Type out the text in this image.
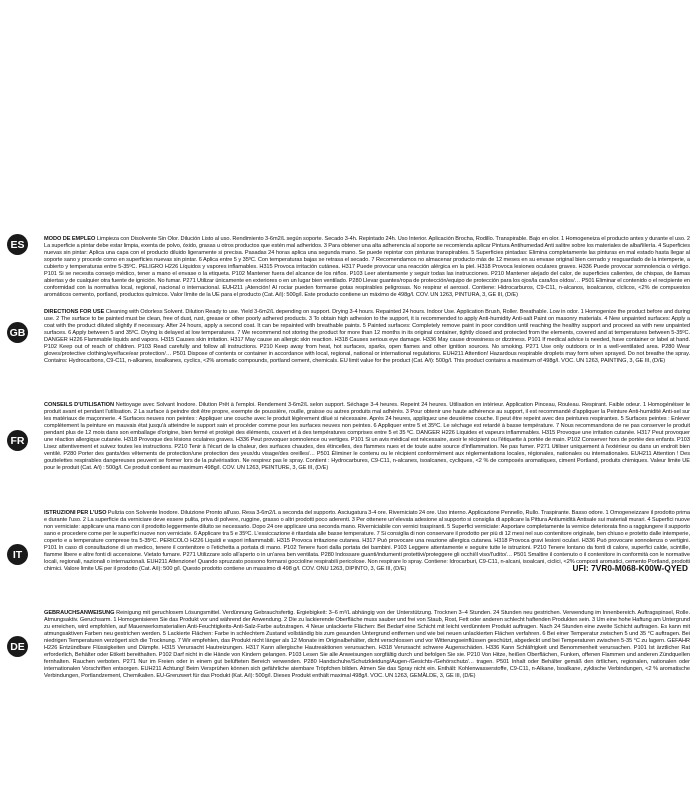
ES	MODO DE EMPLEO Limpieza con Disolvente Sin Olor. Dilución Listo al uso. Rendimiento 3-6m2/L según soporte. Secado 3-4h. Repintado 24h. Uso Interior. Aplicación Brocha, Rodillo. Transpirable. Bajo en olor. 1 Homogeneiza el producto antes y durante el uso. 2 La superficie a pintar debe estar limpia, exenta de polvo, óxido, grasas u otros productos que estén mal adheridos. 3 Para obtener una alta adherencia al soporte se recomienda aplicar Pintura Antihumedad Anti salitre sobre los materiales de albañilería. 4 Superficies nuevas sin pintar: Aplica una capa con el producto diluido ligeramente si precisa. Pasadas 24 horas aplica una segunda mano. Se puede repintar con pinturas transpirables. 5 Superficies pintadas: Elimina completamente las pinturas en mal estado hasta llegar al soporte sano y procede como en superficies nuevas sin pintar. 6 Aplica entre 5 y 35ºC. Con temperaturas bajas se retrasa el secado. 7 Recomendamos no almacenar producto más de 12 meses en su envase original bien cerrado y resguardado de la intemperie, a cubierto y temperaturas entre 5-35ºC. PELIGRO H226 Líquidos y vapores inflamables. H315 Provoca irritación cutánea. H317 Puede provocar una reacción alérgica en la piel. H318 Provoca lesiones oculares graves. H336 Puede provocar somnolencia o vértigo. P101 Si se necesita consejo médico, tener a mano el envase o la etiqueta. P102 Mantener fuera del alcance de los niños. P103 Leer atentamente y seguir todas las instrucciones. P210 Mantener alejado del calor, de superficies calientes, de chispas, de llamas abiertas y de cualquier otra fuente de ignición. No fumar. P271 Utilizar únicamente en exteriores o en un lugar bien ventilado. P280 Llevar guantes/ropa de protección/equipo de protección para los ojos/la cara/los oídos/… P501 Eliminar el contenido o el recipiente en conformidad con la normativa local, regional, nacional o internacional. EUH211 ¡Atención! Al rociar pueden formarse gotas respirables peligrosas. No respirar el aerosol. Contiene: Hidrocarburos, C9-C11, n-alcanos, isoalcanos, cíclicos, <2% de compuestos aromáticos cemento, portland, productos químicos. Valor límite de la UE para el producto (Cat. A/i): 500g/l. Este producto contiene un máximo de 498g/l. COV. UN 1263, PINTURA, 3, GE III, (D/E)
GB
DIRECTIONS FOR USE Cleaning with Odorless Solvent. Dilution Ready to use. Yield 3-6m2/L depending on support. Drying 3-4 hours. Repainted 24 hours. Indoor Use. Application Brush, Roller. Breathable. Low in odor. 1 Homogenize the product before and during use. 2 The surface to be painted must be clean, free of dust, rust, grease or other poorly adhered products. 3 To obtain high adhesion to the support, it is recommended to apply Anti-humidity Anti-salt Paint on masonry materials. 4 New unpainted surfaces: Apply a coat with the product diluted slightly if necessary. After 24 hours, apply a second coat. It can be repainted with breathable paints. 5 Painted surfaces: Completely remove paint in poor condition until reaching the healthy support and proceed as with new unpainted surfaces. 6 Apply between 5 and 35ºC. Drying is delayed at low temperatures. 7 We recommend not storing the product for more than 12 months in its original container, tightly closed and protected from the elements, covered and at temperatures between 5-35ºC. DANGER H226 Flammable liquids and vapors. H315 Causes skin irritation. H317 May cause an allergic skin reaction. H318 Causes serious eye damage. H336 May cause drowsiness or dizziness. P101 If medical advice is needed, have container or label at hand. P102 Keep out of reach of children. P103 Read carefully and follow all instructions. P210 Keep away from heat, hot surfaces, sparks, open flames and other ignition sources. No smoking. P271 Use only outdoors or in a well-ventilated area. P280 Wear gloves/protective clothing/eye/face/ear protection/… P501 Dispose of contents or container in accordance with local, regional, national or international regulations. EUH211 Attention! Hazardous respirable droplets may form when sprayed. Do not breathe the spray. Contains: Hydrocarbons, C9-C11, n-alkanes, isoalkanes, cyclics, <2% aromatic compounds, portland cement, chemicals. EU limit value for the product (Cat. A/i): 500g/l. This product contains a maximum of 498g/l. VOC. UN 1263, PAINTING, 3, GE III, (D/E)
FR
CONSEILS D'UTILISATION Nettoyage avec Solvant Inodore. Dilution Prêt à l'emploi. Rendement 3-6m2/L selon support. Séchage 3-4 heures. Repeint 24 heures. Utilisation en intérieur. Application Pinceau, Rouleau. Respirant. Faible odeur. 1 Homogénéiser le produit avant et pendant l'utilisation. 2 La surface à peindre doit être propre, exempte de poussière, rouille, graisse ou autres produits mal adhérés. 3 Pour obtenir une haute adhérence au support, il est recommandé d'appliquer la Peinture Anti-humidité Anti-sel sur les matériaux de maçonnerie. 4 Surfaces neuves non peintes : Appliquer une couche avec le produit légèrement dilué si nécessaire. Après 24 heures, appliquez une deuxième couche. Il peut être repeint avec des peintures respirantes. 5 Surfaces peintes : Enlever complètement la peinture en mauvais état jusqu'à atteindre le support sain et procéder comme pour les surfaces neuves non peintes. 6 Appliquer entre 5 et 35ºC. Le séchage est retardé à basse température. 7 Nous recommandons de ne pas conserver le produit pendant plus de 12 mois dans son emballage d'origine, bien fermé et protégé des éléments, couvert et à des températures comprises entre 5 et 35 ºC. DANGER H226 Liquides et vapeurs inflammables. H315 Provoque une irritation cutanée. H317 Peut provoquer une réaction allergique cutanée. H318 Provoque des lésions oculaires graves. H336 Peut provoquer somnolence ou vertiges. P101 Si un avis médical est nécessaire, avoir le récipient ou l'étiquette à portée de main. P102 Conserver hors de portée des enfants. P103 Lisez attentivement et suivez toutes les instructions. P210 Tenir à l'écart de la chaleur, des surfaces chaudes, des étincelles, des flammes nues et de toute autre source d'inflammation. Ne pas fumer. P271 Utiliser uniquement à l'extérieur ou dans un endroit bien ventilé. P280 Porter des gants/des vêtements de protection/une protection des yeux/du visage/des oreilles/… P501 Éliminer le contenu ou le récipient conformément aux réglementations locales, régionales, nationales ou internationales. EUH211 Attention ! Des gouttelettes respirables dangereuses peuvent se former lors de la pulvérisation. Ne respirez pas le spray. Contient : Hydrocarbures, C9-C11, n-alcanes, isoalcanes, cycliques, <2 % de composés aromatiques, ciment Portland, produits chimiques. Valeur limite UE pour le produit (Cat. A/i) : 500g/l. Ce produit contient au maximum 498g/l. COV. UN 1263, PEINTURE, 3, GE III, (D/E)
IT
ISTRUZIONI PER L'USO Pulizia con Solvente Inodore. Diluizione Pronto all'uso. Resa 3-6m2/L a seconda del supporto. Asciugatura 3-4 ore. Riverniciato 24 ore. Uso interno. Applicazione Pennello, Rullo. Traspirante. Basso odore. 1 Omogeneizzare il prodotto prima e durante l'uso. 2 La superficie da verniciare deve essere pulita, priva di polvere, ruggine, grasso o altri prodotti poco aderenti. 3 Per ottenere un'elevata adesione al supporto si consiglia di applicare la Pittura Antiumidità Antisale sui materiali murari. 4 Superfici nuove non verniciate: applicare una mano con il prodotto leggermente diluito se necessario. Dopo 24 ore applicare una seconda mano. Riverniciabile con vernici traspiranti. 5 Superfici verniciate: Asportare completamente la vernice deteriorata fino a raggiungere il supporto sano e procedere come per le superfici nuove non verniciate. 6 Applicare tra 5 e 35ºC. L'essiccazione è ritardata alle basse temperature. 7 Si consiglia di non conservare il prodotto per più di 12 mesi nel suo contenitore originale, ben chiuso e protetto dalle intemperie, coperto e a temperature comprese tra 5-35ºC. PERICOLO H226 Liquidi e vapori infiammabili. H315 Provoca irritazione cutanea. H317 Può provocare una reazione allergica cutanea. H318 Provoca gravi lesioni oculari. H336 Può provocare sonnolenza o vertigini. P101 In caso di consultazione di un medico, tenere il contenitore o l'etichetta a portata di mano. P102 Tenere fuori dalla portata dei bambini. P103 Leggere attentamente e seguire tutte le istruzioni. P210 Tenere lontano da fonti di calore, superfici calde, scintille, fiamme libere e altre fonti di accensione. Vietato fumare. P271 Utilizzare solo all'aperto o in un'area ben ventilata. P280 Indossare guanti/indumenti protettivi/proteggere gli occhi/il viso/l'udito/… P501 Smaltire il contenuto o il contenitore in conformità con le normative locali, regionali, nazionali o internazionali. EUH211 Attenzione! Quando spruzzato possono formarsi goccioline respirabili pericolose. Non respirare lo spray. Contiene: Idrocarburi, C9-C11, n-alcani, isoalcani, ciclici, <2% composti aromatici, cemento Portland, prodotti chimici. Valore limite UE per il prodotto (Cat. A/i): 500 g/l. Questo prodotto contiene un massimo di 498 g/l. COV. ONU 1263, DIPINTO, 3, GE III, (D/E)
DE
GEBRAUCHSANWEISUNG Reinigung mit geruchlosem Lösungsmittel. Verdünnung Gebrauchsfertig. Ergiebigkeit: 3–6 m²/L abhängig von der Unterstützung. Trocknen 3–4 Stunden. 24 Stunden neu gestrichen. Verwendung im Innenbereich. Auftragspinsel, Rolle. Atmungsaktiv. Geruchsarm. 1 Homogenisieren Sie das Produkt vor und während der Anwendung. 2 Die zu lackierende Oberfläche muss sauber und frei von Staub, Rost, Fett oder anderen schlecht haftenden Produkten sein. 3 Um eine hohe Haftung am Untergrund zu erreichen, wird empfohlen, auf Mauerwerksmaterialien Anti-Feuchtigkeits-Anti-Salz-Farbe aufzutragen. 4 Neue unlackierte Flächen: Bei Bedarf eine Schicht mit leicht verdünntem Produkt auftragen. Nach 24 Stunden eine zweite Schicht auftragen. Es kann mit atmungsaktiven Farben neu gestrichen werden. 5 Lackierte Flächen: Farbe in schlechtem Zustand vollständig bis zum gesunden Untergrund entfernen und wie bei neuen unlackierten Flächen verfahren. 6 Bei einer Temperatur zwischen 5 und 35 °C auftragen. Bei niedrigen Temperaturen verzögert sich die Trocknung. 7 Wir empfehlen, das Produkt nicht länger als 12 Monate im Originalbehälter, dicht verschlossen und vor Witterungseinflüssen geschützt, abgedeckt und bei Temperaturen zwischen 5-35 °C zu lagern. GEFAHR H226 Entzündbare Flüssigkeiten und Dämpfe. H315 Verursacht Hautreizungen. H317 Kann allergische Hautreaktionen verursachen. H318 Verursacht schwere Augenschäden. H336 Kann Schläfrigkeit und Benommenheit verursachen. P101 Ist ärztlicher Rat erforderlich, Behälter oder Etikett bereithalten. P102 Darf nicht in die Hände von Kindern gelangen. P103 Lesen Sie alle Anweisungen sorgfältig durch und befolgen Sie sie. P210 Von Hitze, heißen Oberflächen, Funken, offenen Flammen und anderen Zündquellen fernhalten. Rauchen verboten. P271 Nur im Freien oder in einem gut belüfteten Bereich verwenden. P280 Handschuhe/Schutzkleidung/Augen-/Gesichts-/Gehörschutz/… tragen. P501 Inhalt oder Behälter gemäß den örtlichen, regionalen, nationalen oder internationalen Vorschriften entsorgen. EUH211 Achtung! Beim Versprühen können sich gefährliche atembare Tröpfchen bilden. Atmen Sie das Spray nicht ein. Enthält: Kohlenwasserstoffe, C9-C11, n-Alkane, Isoalkane, zyklische Verbindungen, <2 % aromatische Verbindungen, Portlandzement, Chemikalien. EU-Grenzwert für das Produkt (Kat. A/i): 500g/l. Dieses Produkt enthält maximal 498g/l. VOC. UN 1263, GEMÄLDE, 3, GE III, (D/E)
UFI: 7VR0-M068-K00W-QYED
